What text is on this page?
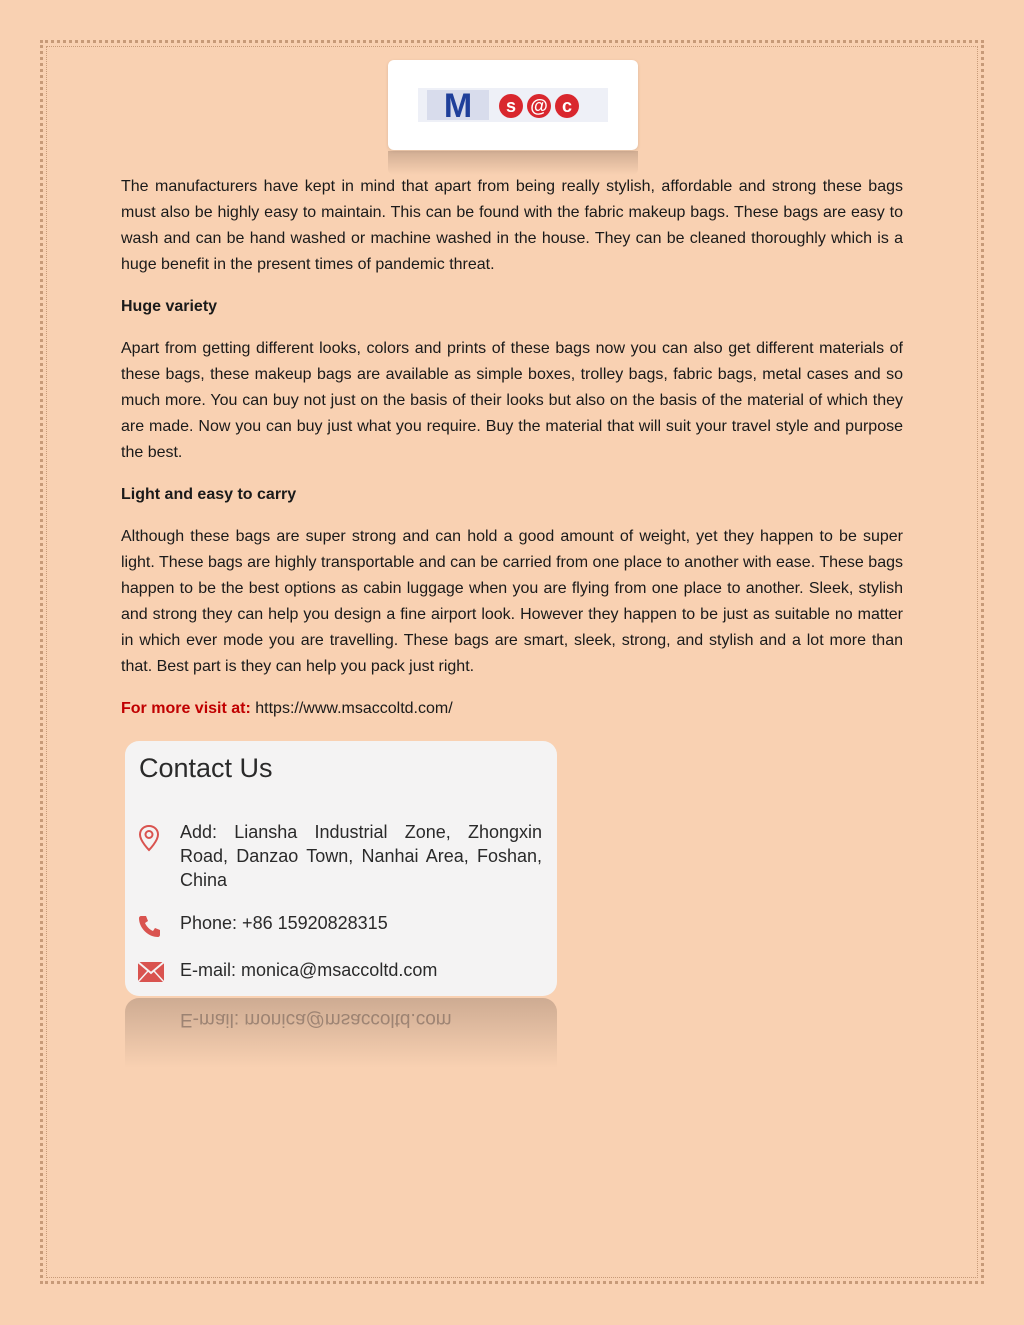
M s @ c

The manufacturers have kept in mind that apart from being really stylish, affordable and strong these bags must also be highly easy to maintain. This can be found with the fabric makeup bags. These bags are easy to wash and can be hand washed or machine washed in the house. They can be cleaned thoroughly which is a huge benefit in the present times of pandemic threat.

Huge variety

Apart from getting different looks, colors and prints of these bags now you can also get different materials of these bags, these makeup bags are available as simple boxes, trolley bags, fabric bags, metal cases and so much more. You can buy not just on the basis of their looks but also on the basis of the material of which they are made. Now you can buy just what you require. Buy the material that will suit your travel style and purpose the best.

Light and easy to carry

Although these bags are super strong and can hold a good amount of weight, yet they happen to be super light. These bags are highly transportable and can be carried from one place to another with ease. These bags happen to be the best options as cabin luggage when you are flying from one place to another. Sleek, stylish and strong they can help you design a fine airport look. However they happen to be just as suitable no matter in which ever mode you are travelling. These bags are smart, sleek, strong, and stylish and a lot more than that. Best part is they can help you pack just right.

For more visit at: https://www.msaccoltd.com/
Contact Us
Add: Liansha Industrial Zone, Zhongxin Road, Danzao Town, Nanhai Area, Foshan, China
Phone: +86 15920828315
E-mail: monica@msaccoltd.com
E-mail: monica@msaccoltd.com
